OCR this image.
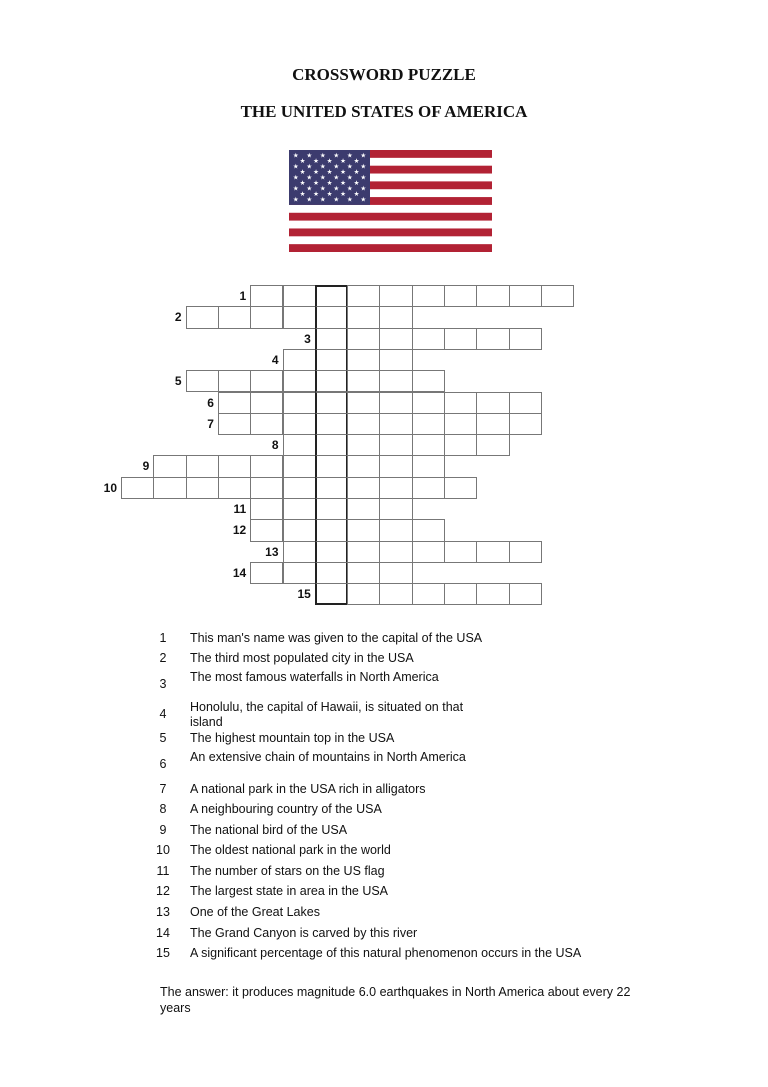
CROSSWORD PUZZLE
THE UNITED STATES OF AMERICA
★ ★ ★ ★ ★ ★
★ ★ ★ ★ ★
★ ★ ★ ★ ★ ★
★ ★ ★ ★ ★
★ ★ ★ ★ ★ ★
★ ★ ★ ★ ★
★ ★ ★ ★ ★ ★
★ ★ ★ ★ ★
★ ★ ★ ★ ★ ★
1
2
3
4
5
6
7
8
9
10
11
12
13
14
15
1	This man's name was given to the capital of the USA
2	The third most populated city in the USA
3	The most famous waterfalls in North America
4	Honolulu, the capital of Hawaii, is situated on that island
5	The highest mountain top in the USA
6	An extensive chain of mountains in North America
7	A national park in the USA rich in alligators
8	A neighbouring country of the USA
9	The national bird of the USA
10	The oldest national park in the world
11	The number of stars on the US flag
12	The largest state in area in the USA
13	One of the Great Lakes
14	The Grand Canyon is carved by this river
15	A significant percentage of this natural phenomenon occurs in the USA
The answer: it produces magnitude 6.0 earthquakes in North America about every 22 years
